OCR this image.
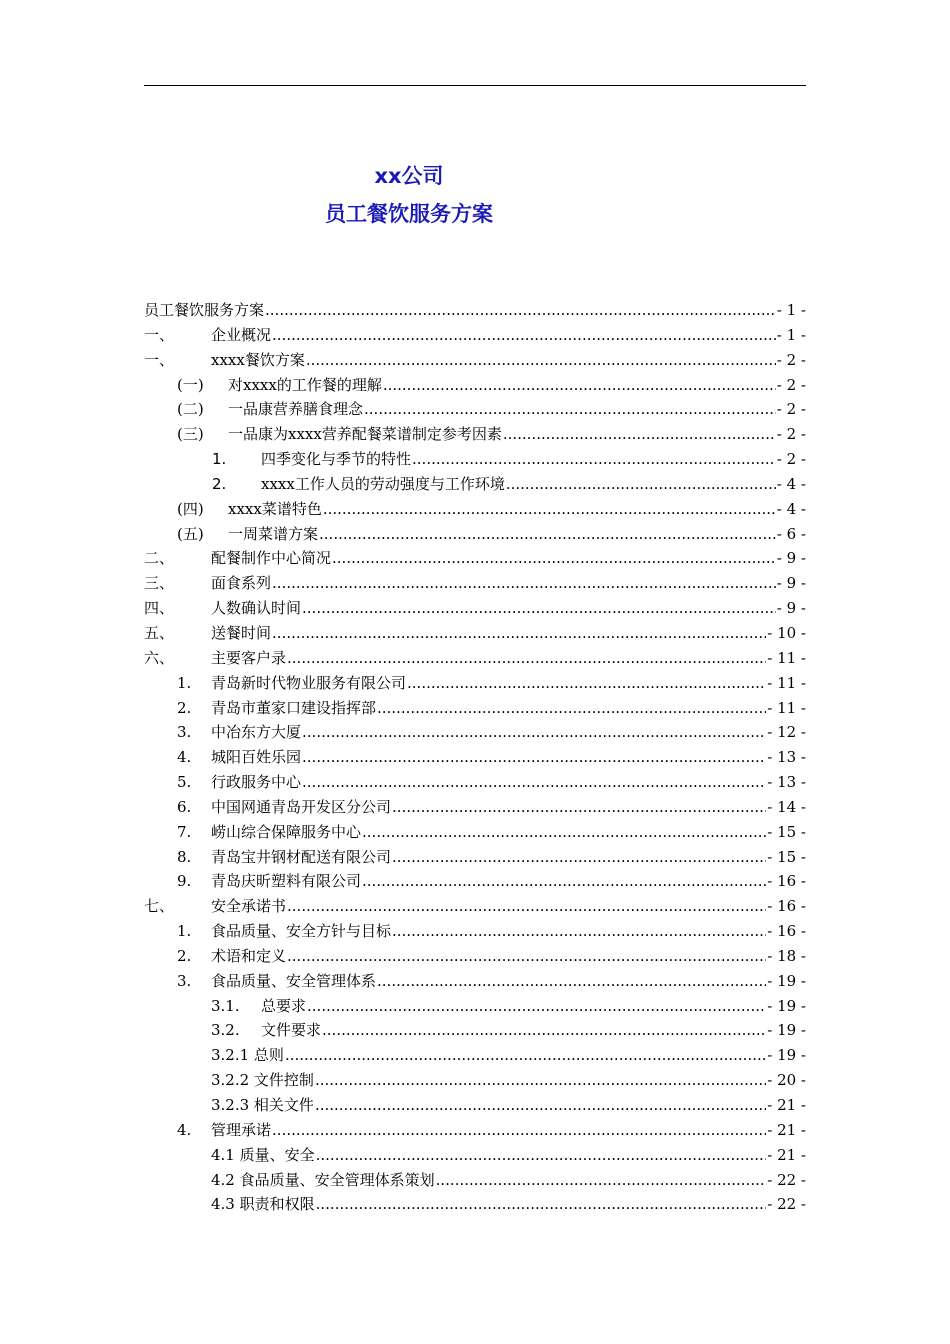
xx公司
员工餐饮服务方案
员工餐饮服务方案 .....	- 1 -
一、 企业概况 .....	- 1 -
一、 xxxx餐饮方案 .....	- 2 -
(一) 对xxxx的工作餐的理解 .....	- 2 -
(二) 一品康营养膳食理念 .....	- 2 -
(三) 一品康为xxxx营养配餐菜谱制定参考因素 .....	- 2 -
1. 四季变化与季节的特性 .....	- 2 -
2. xxxx工作人员的劳动强度与工作环境 .....	- 4 -
(四) xxxx菜谱特色 .....	- 4 -
(五) 一周菜谱方案 .....	- 6 -
二、 配餐制作中心简况 .....	- 9 -
三、 面食系列 .....	- 9 -
四、 人数确认时间 .....	- 9 -
五、 送餐时间 .....	- 10 -
六、 主要客户录 .....	- 11 -
1. 青岛新时代物业服务有限公司 .....	- 11 -
2. 青岛市董家口建设指挥部 .....	- 11 -
3. 中冶东方大厦 .....	- 12 -
4. 城阳百姓乐园 .....	- 13 -
5. 行政服务中心 .....	- 13 -
6. 中国网通青岛开发区分公司 .....	- 14 -
7. 崂山综合保障服务中心 .....	- 15 -
8. 青岛宝井钢材配送有限公司 .....	- 15 -
9. 青岛庆昕塑料有限公司 .....	- 16 -
七、 安全承诺书 .....	- 16 -
1. 食品质量、安全方针与目标 .....	- 16 -
2. 术语和定义 .....	- 18 -
3. 食品质量、安全管理体系 .....	- 19 -
3.1. 总要求 .....	- 19 -
3.2. 文件要求 .....	- 19 -
3.2.1 总则 .....	- 19 -
3.2.2 文件控制 .....	- 20 -
3.2.3 相关文件 .....	- 21 -
4. 管理承诺 .....	- 21 -
4.1 质量、安全 .....	- 21 -
4.2 食品质量、安全管理体系策划 .....	- 22 -
4.3 职责和权限 .....	- 22 -
